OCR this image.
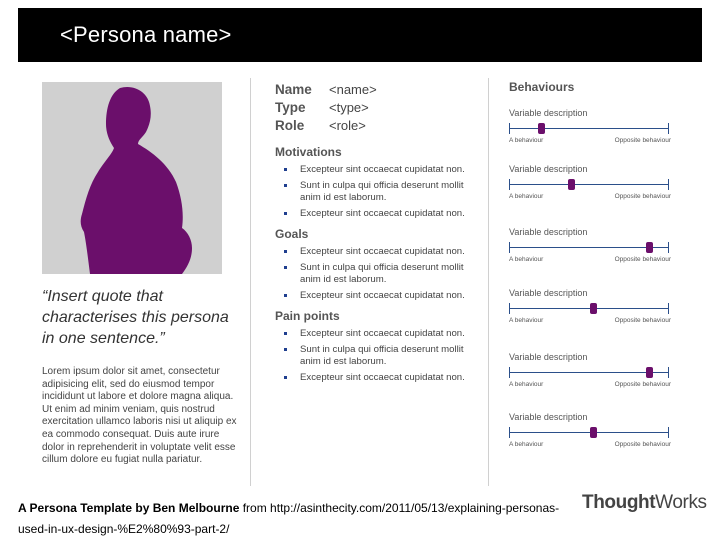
<Persona name>
“Insert quote that characterises this persona in one sentence.”
Lorem ipsum dolor sit amet, consectetur adipisicing elit, sed do eiusmod tempor incididunt ut labore et dolore magna aliqua. Ut enim ad minim veniam, quis nostrud exercitation ullamco laboris nisi ut aliquip ex ea commodo consequat. Duis aute irure dolor in reprehenderit in voluptate velit esse cillum dolore eu fugiat nulla pariatur.
Name	<name>
Type	<type>
Role	<role>
Motivations
Excepteur sint occaecat cupidatat non.
Sunt in culpa qui officia deserunt mollit anim id est laborum.
Excepteur sint occaecat cupidatat non.
Goals
Excepteur sint occaecat cupidatat non.
Sunt in culpa qui officia deserunt mollit anim id est laborum.
Excepteur sint occaecat cupidatat non.
Pain points
Excepteur sint occaecat cupidatat non.
Sunt in culpa qui officia deserunt mollit anim id est laborum.
Excepteur sint occaecat cupidatat non.
Behaviours
Variable description
A behaviour	Opposite behaviour
Variable description
A behaviour	Opposite behaviour
Variable description
A behaviour	Opposite behaviour
Variable description
A behaviour	Opposite behaviour
Variable description
A behaviour	Opposite behaviour
Variable description
A behaviour	Opposite behaviour
A Persona Template by Ben Melbourne from http://asinthecity.com/2011/05/13/explaining-personas-used-in-ux-design-%E2%80%93-part-2/
ThoughtWorks
